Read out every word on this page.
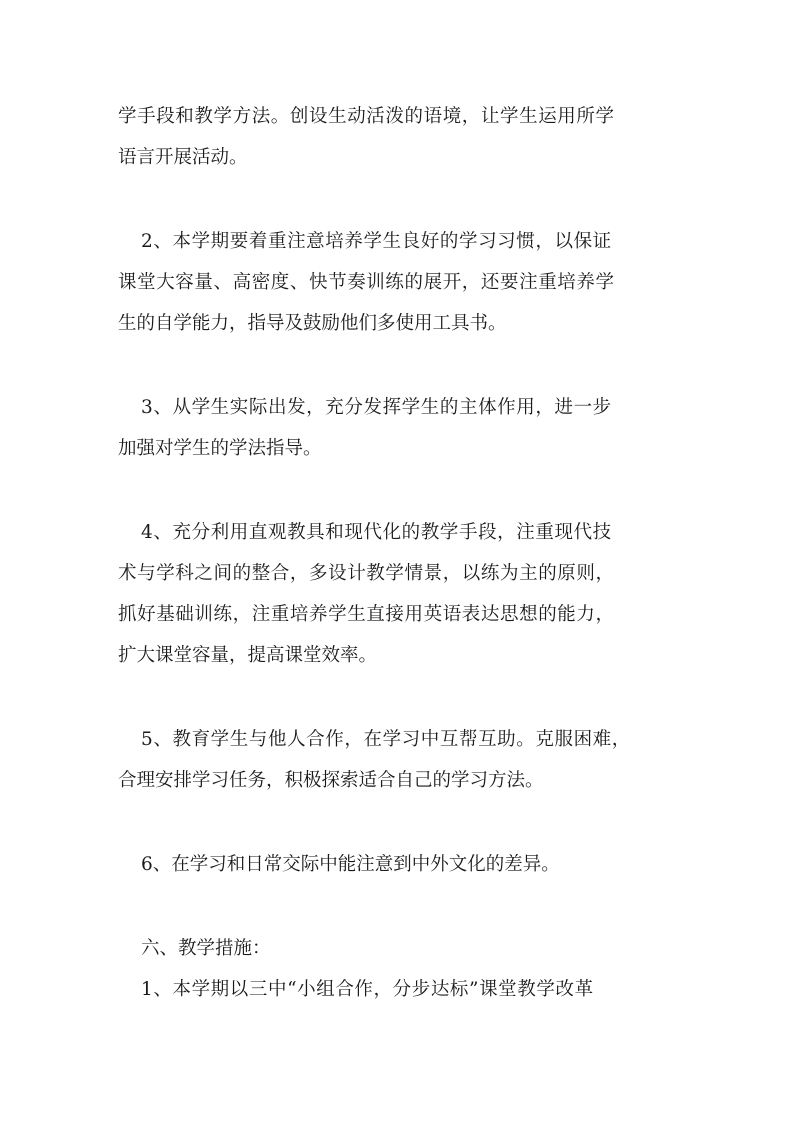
学手段和教学方法。创设生动活泼的语境，让学生运用所学

语言开展活动。

2、本学期要着重注意培养学生良好的学习习惯，以保证

课堂大容量、高密度、快节奏训练的展开，还要注重培养学

生的自学能力，指导及鼓励他们多使用工具书。

3、从学生实际出发，充分发挥学生的主体作用，进一步

加强对学生的学法指导。

4、充分利用直观教具和现代化的教学手段，注重现代技

术与学科之间的整合，多设计教学情景，以练为主的原则，

抓好基础训练，注重培养学生直接用英语表达思想的能力，

扩大课堂容量，提高课堂效率。

5、教育学生与他人合作，在学习中互帮互助。克服困难，

合理安排学习任务，积极探索适合自己的学习方法。

6、在学习和日常交际中能注意到中外文化的差异。

六、教学措施：

1、本学期以三中“小组合作，分步达标”课堂教学改革
